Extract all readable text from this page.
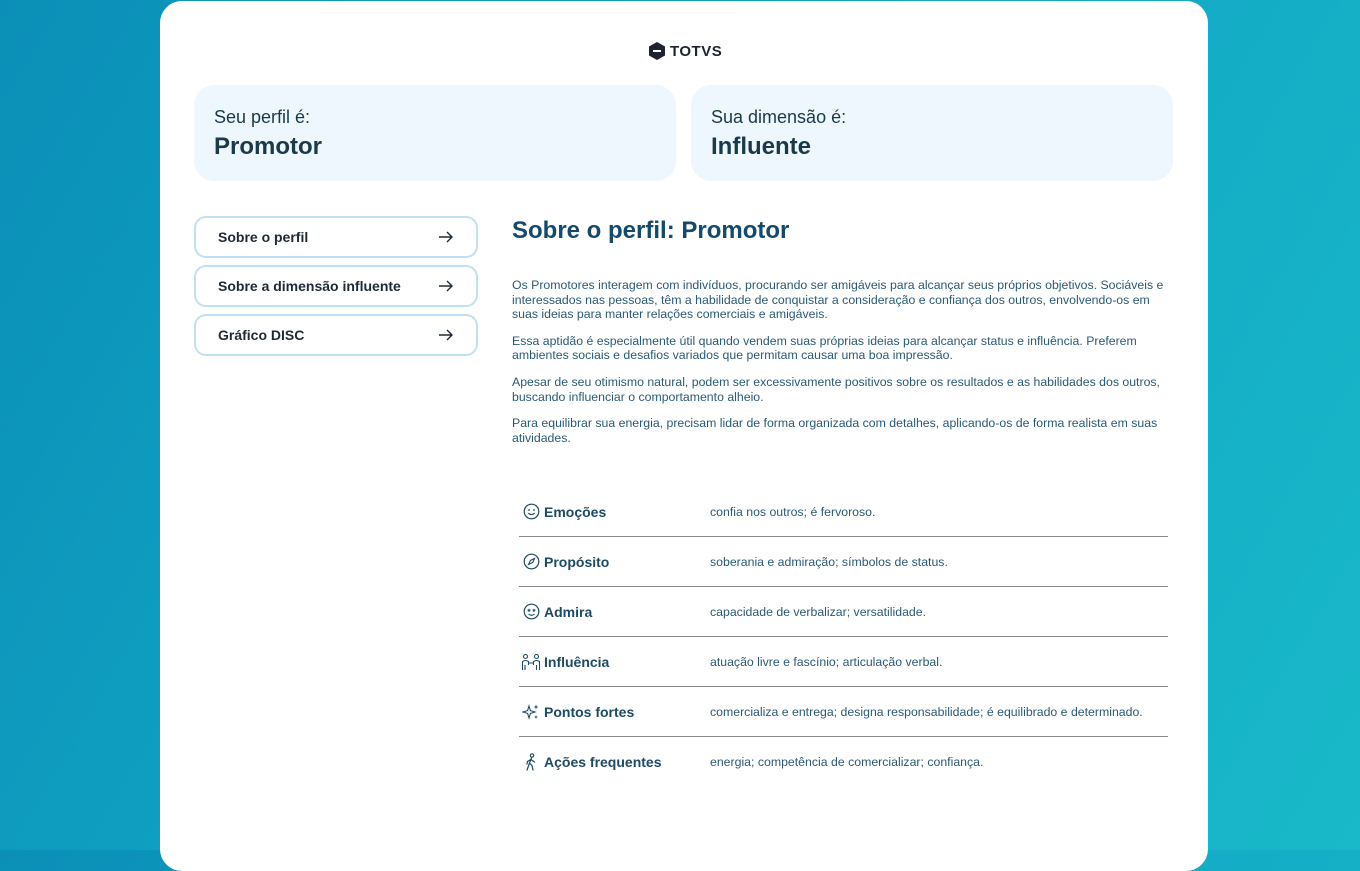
TOTVS
Seu perfil é:
Promotor
Sua dimensão é:
Influente
Sobre o perfil
Sobre a dimensão influente
Gráfico DISC
Sobre o perfil: Promotor

Os Promotores interagem com indivíduos, procurando ser amigáveis para alcançar seus próprios objetivos. Sociáveis e interessados nas pessoas, têm a habilidade de conquistar a consideração e confiança dos outros, envolvendo-os em suas ideias para manter relações comerciais e amigáveis.

Essa aptidão é especialmente útil quando vendem suas próprias ideias para alcançar status e influência. Preferem ambientes sociais e desafios variados que permitam causar uma boa impressão.

Apesar de seu otimismo natural, podem ser excessivamente positivos sobre os resultados e as habilidades dos outros, buscando influenciar o comportamento alheio.

Para equilibrar sua energia, precisam lidar de forma organizada com detalhes, aplicando-os de forma realista em suas atividades.

Emoções	confia nos outros; é fervoroso.
Propósito	soberania e admiração; símbolos de status.
Admira	capacidade de verbalizar; versatilidade.
Influência	atuação livre e fascínio; articulação verbal.
Pontos fortes	comercializa e entrega; designa responsabilidade; é equilibrado e determinado.
Ações frequentes	energia; competência de comercializar; confiança.
